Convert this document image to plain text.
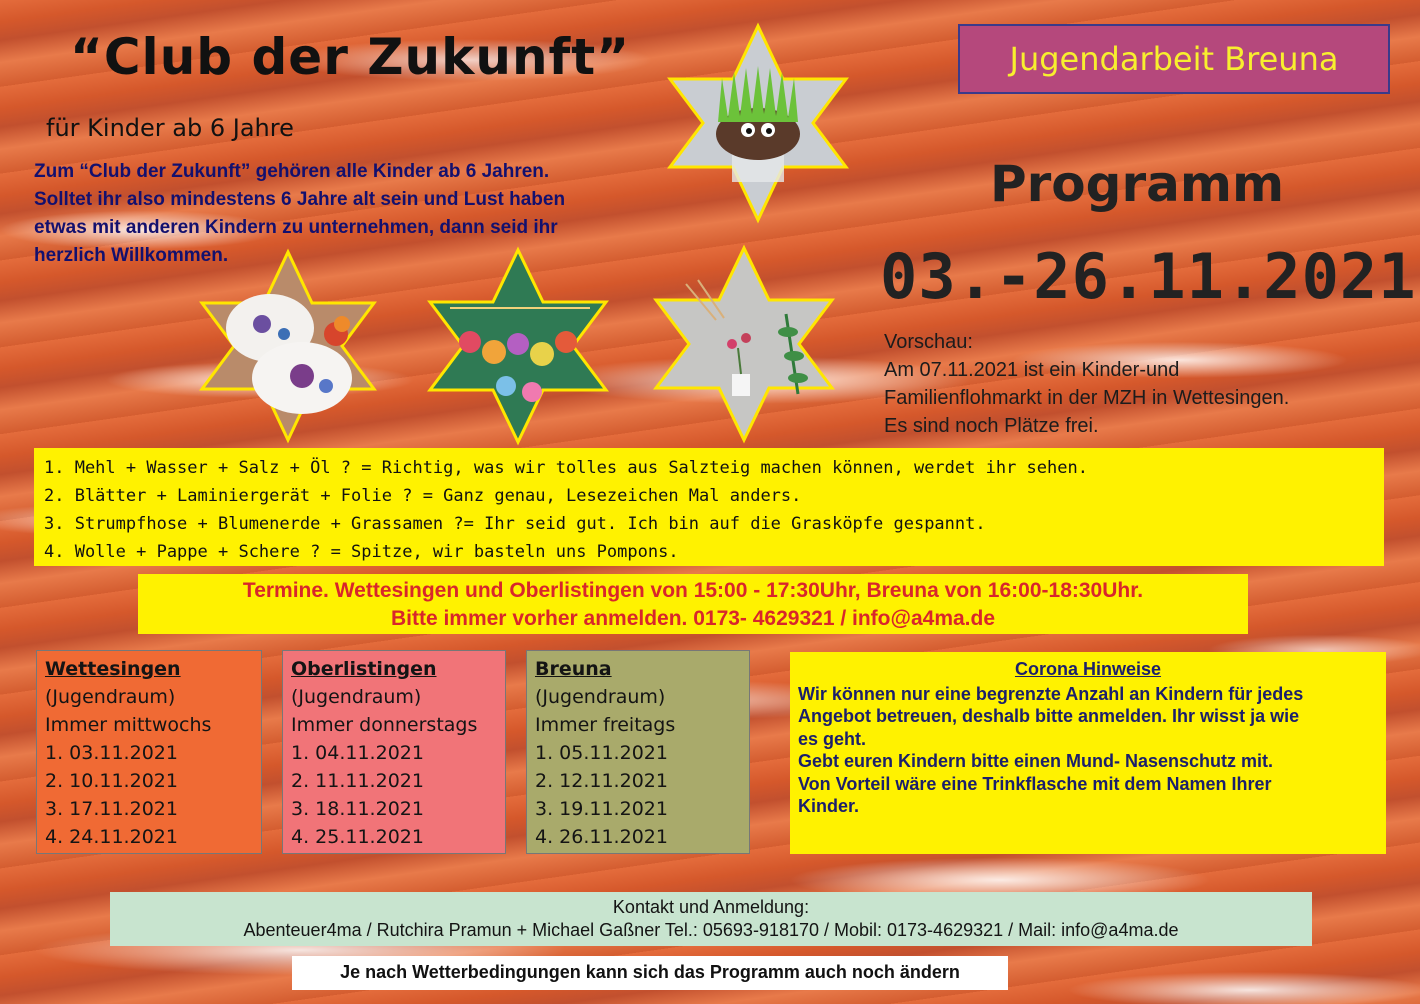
“Club der Zukunft”
für Kinder ab 6 Jahre
Zum “Club der Zukunft” gehören alle Kinder ab 6 Jahren.
Solltet ihr also mindestens 6 Jahre alt sein und Lust haben
etwas mit anderen Kindern zu unternehmen, dann seid ihr
herzlich Willkommen.
Jugendarbeit Breuna
Programm
03.-26.11.2021
Vorschau:
Am 07.11.2021 ist ein Kinder-und
Familienflohmarkt in der MZH in Wettesingen.
Es sind noch Plätze frei.
1. Mehl + Wasser + Salz + Öl ? = Richtig, was wir tolles aus Salzteig machen können, werdet ihr sehen.
2. Blätter + Laminiergerät + Folie ? = Ganz genau, Lesezeichen Mal anders.
3. Strumpfhose + Blumenerde + Grassamen ?= Ihr seid gut. Ich bin auf die Grasköpfe gespannt.
4. Wolle + Pappe + Schere ? = Spitze, wir basteln uns Pompons.
Termine. Wettesingen und Oberlistingen von 15:00 - 17:30Uhr, Breuna von 16:00-18:30Uhr.
Bitte immer vorher anmelden. 0173- 4629321 / info@a4ma.de
Wettesingen
(Jugendraum)
Immer mittwochs
1. 03.11.2021
2. 10.11.2021
3. 17.11.2021
4. 24.11.2021
Oberlistingen
(Jugendraum)
Immer donnerstags
1. 04.11.2021
2. 11.11.2021
3. 18.11.2021
4. 25.11.2021
Breuna
(Jugendraum)
Immer freitags
1. 05.11.2021
2. 12.11.2021
3. 19.11.2021
4. 26.11.2021
Corona Hinweise
Wir können nur eine begrenzte Anzahl an Kindern für jedes
Angebot betreuen, deshalb bitte anmelden. Ihr wisst ja wie
es geht.
Gebt euren Kindern bitte einen Mund- Nasenschutz mit.
Von Vorteil wäre eine Trinkflasche mit dem Namen Ihrer
Kinder.
Kontakt und Anmeldung:
Abenteuer4ma / Rutchira Pramun + Michael Gaßner Tel.: 05693-918170 / Mobil: 0173-4629321 / Mail: info@a4ma.de
Je nach Wetterbedingungen kann sich das Programm auch noch ändern
